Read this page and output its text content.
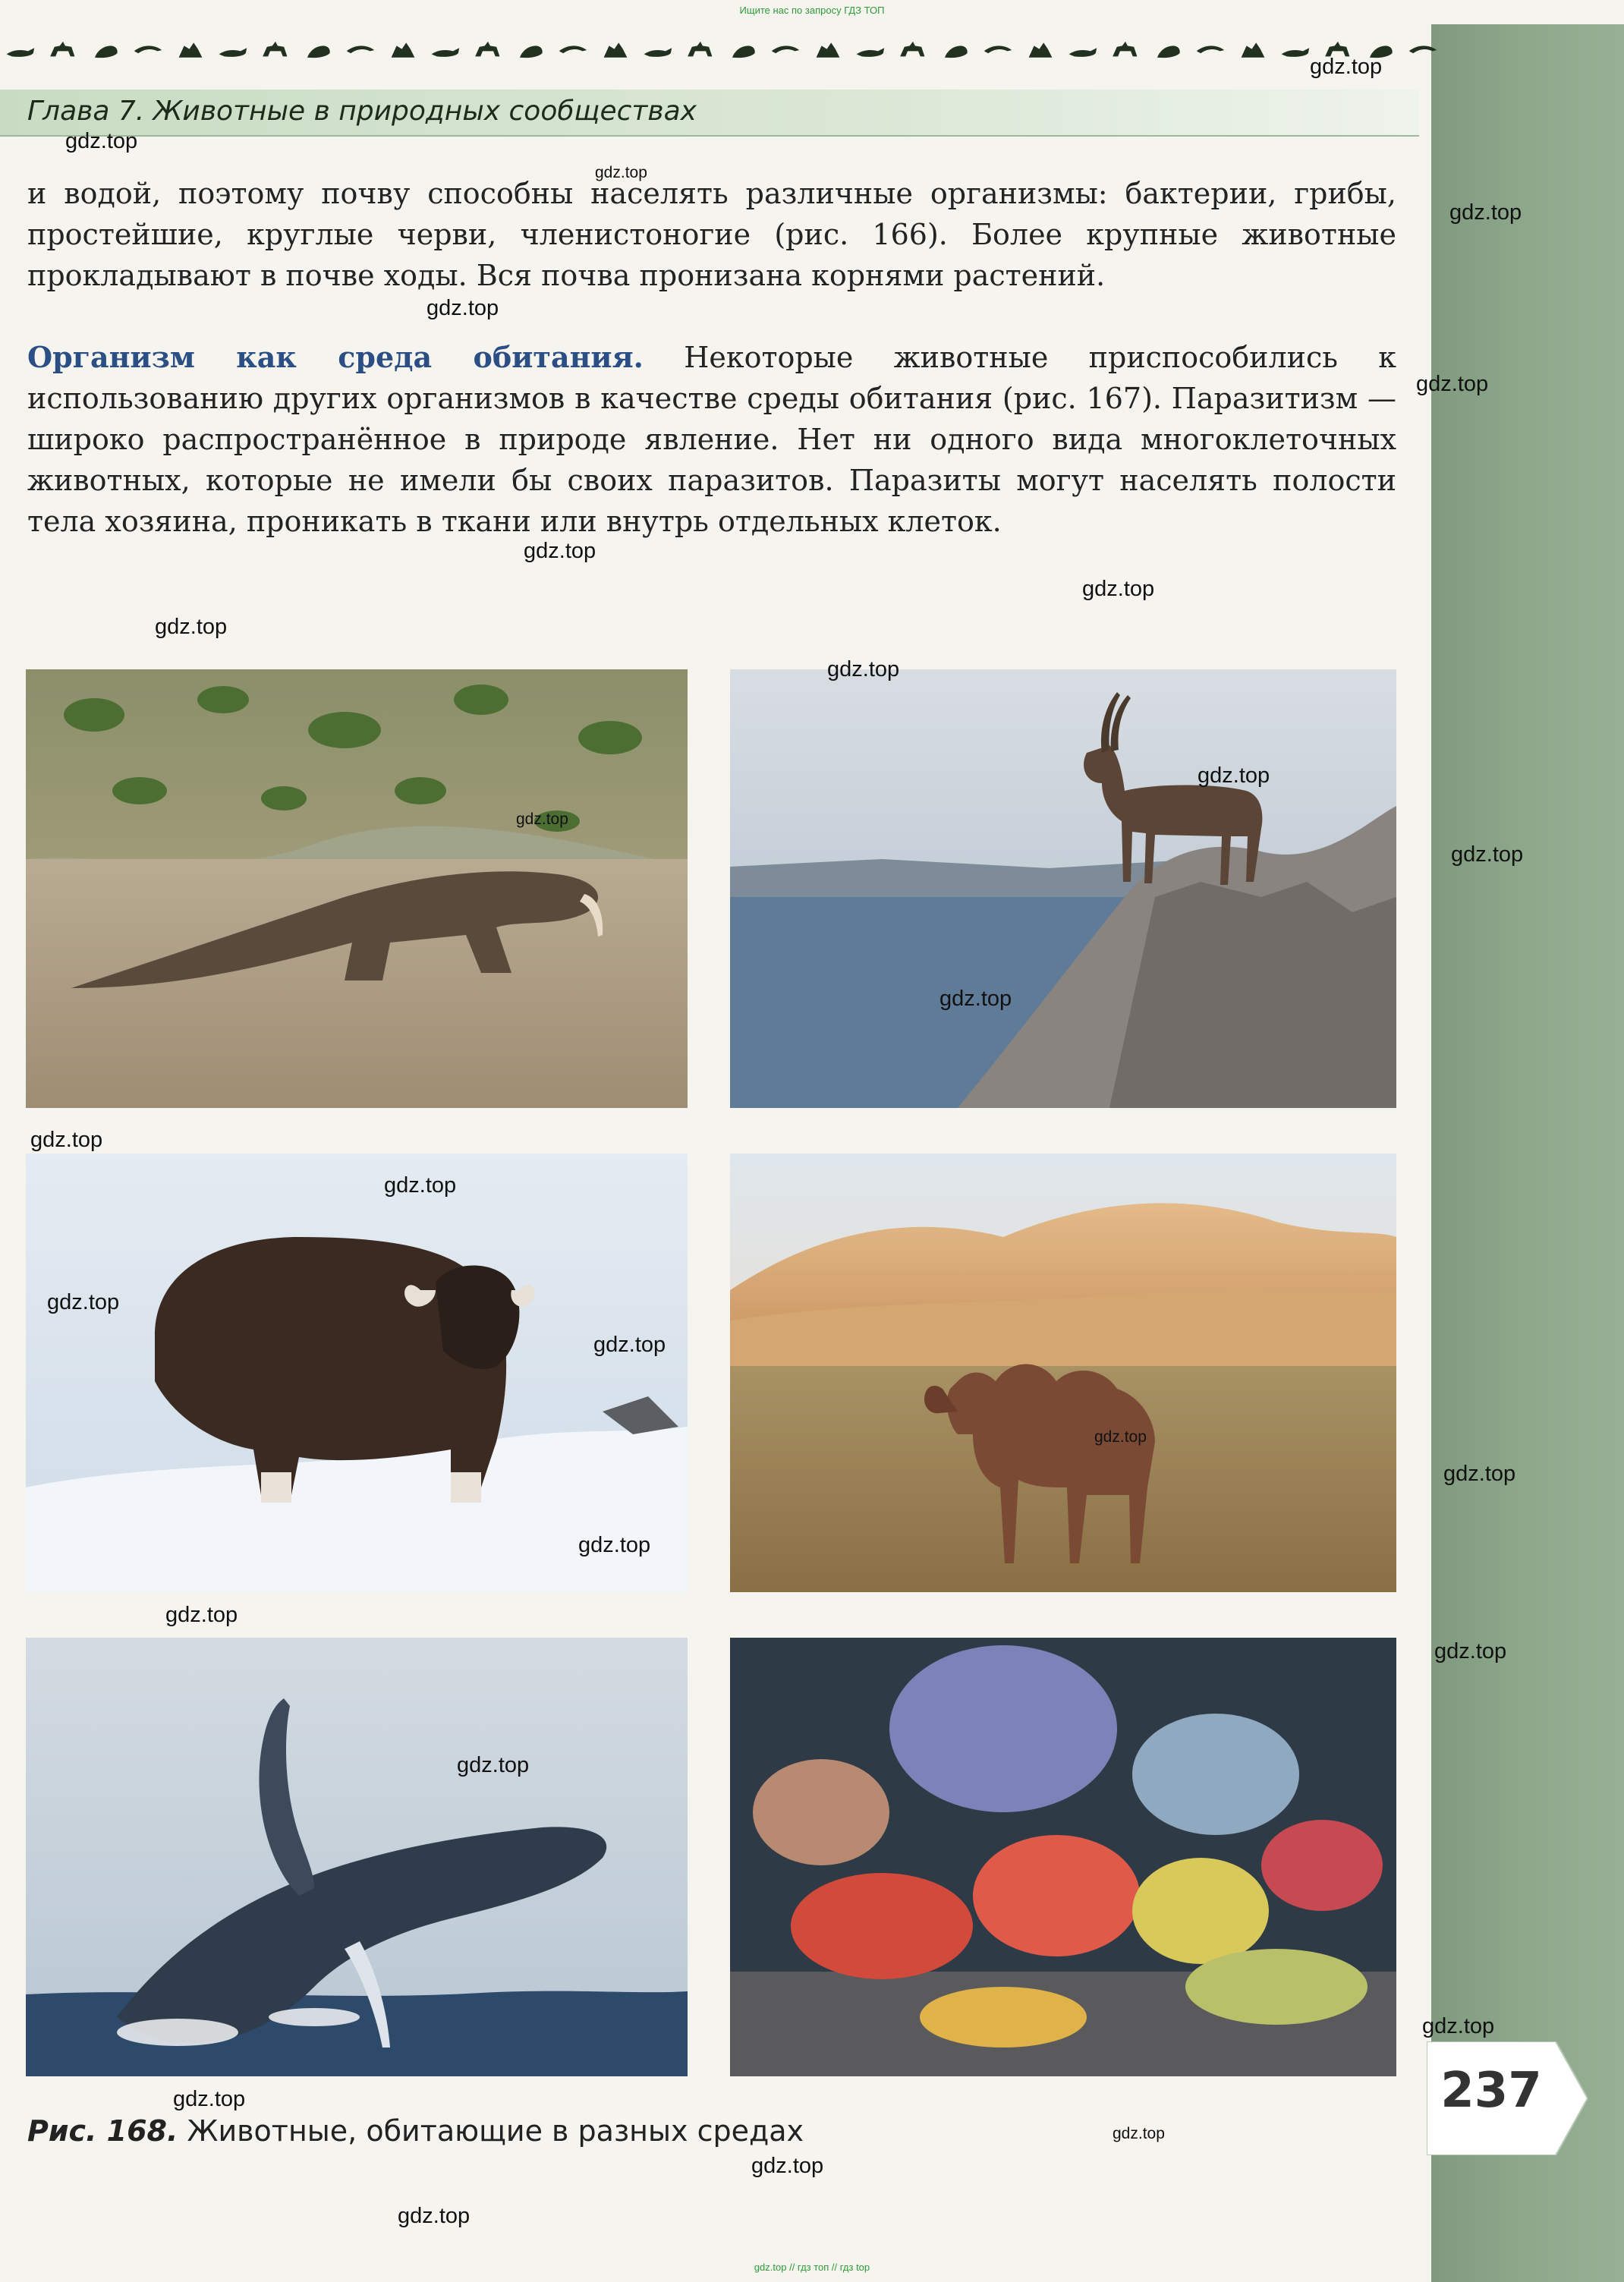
237
Ищите нас по запросу ГДЗ ТОП
Глава 7. Животные в природных сообществах
и водой, поэтому почву способны населять различные организмы: бактерии, грибы, простейшие, круглые черви, членистоногие (рис. 166). Более крупные животные прокладывают в почве ходы. Вся почва пронизана корнями растений.
Организм как среда обитания. Некоторые животные приспособились к использованию других организмов в качестве среды обитания (рис. 167). Паразитизм — широко распространённое в природе явление. Нет ни одного вида многоклеточных животных, которые не имели бы своих паразитов. Паразиты могут населять полости тела хозяина, проникать в ткани или внутрь отдельных клеток.
Рис. 168. Животные, обитающие в разных средах
gdz.top
gdz.top
gdz.top
gdz.top
gdz.top
gdz.top
gdz.top
gdz.top
gdz.top
gdz.top
gdz.top
gdz.top
gdz.top
gdz.top
gdz.top
gdz.top
gdz.top
gdz.top
gdz.top
gdz.top
gdz.top
gdz.top
gdz.top
gdz.top
gdz.top
gdz.top
gdz.top
gdz.top
gdz.top
gdz.top // гдз топ // гдз top
